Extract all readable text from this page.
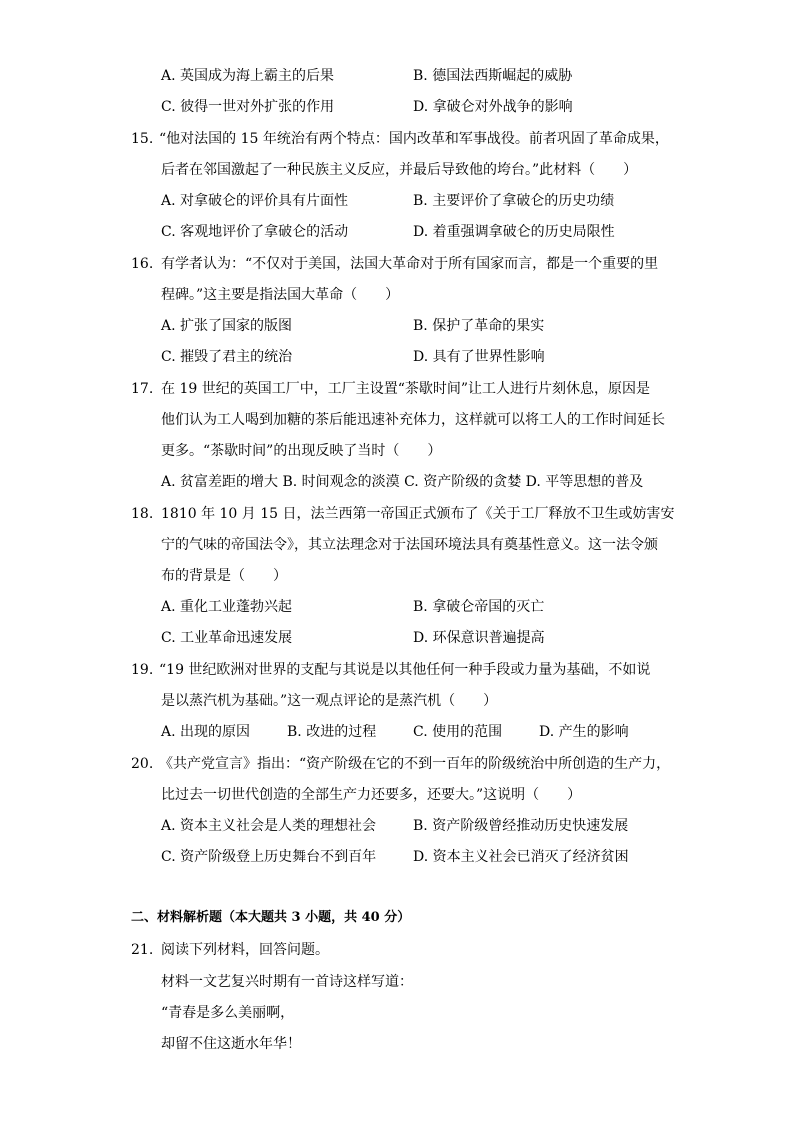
A. 英国成为海上霸主的后果	B. 德国法西斯崛起的威胁
C. 彼得一世对外扩张的作用	D. 拿破仑对外战争的影响
15. “他对法国的 15 年统治有两个特点：国内改革和军事战役。前者巩固了革命成果，
后者在邻国激起了一种民族主义反应，并最后导致他的垮台。”此材料（　　）
A. 对拿破仑的评价具有片面性	B. 主要评价了拿破仑的历史功绩
C. 客观地评价了拿破仑的活动	D. 着重强调拿破仑的历史局限性
16. 有学者认为：“不仅对于美国，法国大革命对于所有国家而言，都是一个重要的里
程碑。”这主要是指法国大革命（　　）
A. 扩张了国家的版图	B. 保护了革命的果实
C. 摧毁了君主的统治	D. 具有了世界性影响
17. 在 19 世纪的英国工厂中，工厂主设置“茶歇时间”让工人进行片刻休息，原因是
他们认为工人喝到加糖的茶后能迅速补充体力，这样就可以将工人的工作时间延长
更多。“茶歇时间”的出现反映了当时（　　）
A. 贫富差距的增大 B. 时间观念的淡漠 C. 资产阶级的贪婪 D. 平等思想的普及
18. 1810 年 10 月 15 日，法兰西第一帝国正式颁布了《关于工厂释放不卫生或妨害安
宁的气味的帝国法令》，其立法理念对于法国环境法具有奠基性意义。这一法令颁
布的背景是（　　）
A. 重化工业蓬勃兴起	B. 拿破仑帝国的灭亡
C. 工业革命迅速发展	D. 环保意识普遍提高
19. “19 世纪欧洲对世界的支配与其说是以其他任何一种手段或力量为基础，不如说
是以蒸汽机为基础。”这一观点评论的是蒸汽机（　　）
A. 出现的原因	B. 改进的过程	C. 使用的范围	D. 产生的影响
20. 《共产党宣言》指出：“资产阶级在它的不到一百年的阶级统治中所创造的生产力，
比过去一切世代创造的全部生产力还要多，还要大。”这说明（　　）
A. 资本主义社会是人类的理想社会	B. 资产阶级曾经推动历史快速发展
C. 资产阶级登上历史舞台不到百年	D. 资本主义社会已消灭了经济贫困
二、材料解析题（本大题共 3 小题，共 40 分）
21. 阅读下列材料，回答问题。
材料一文艺复兴时期有一首诗这样写道：
“青春是多么美丽啊，
却留不住这逝水年华！
